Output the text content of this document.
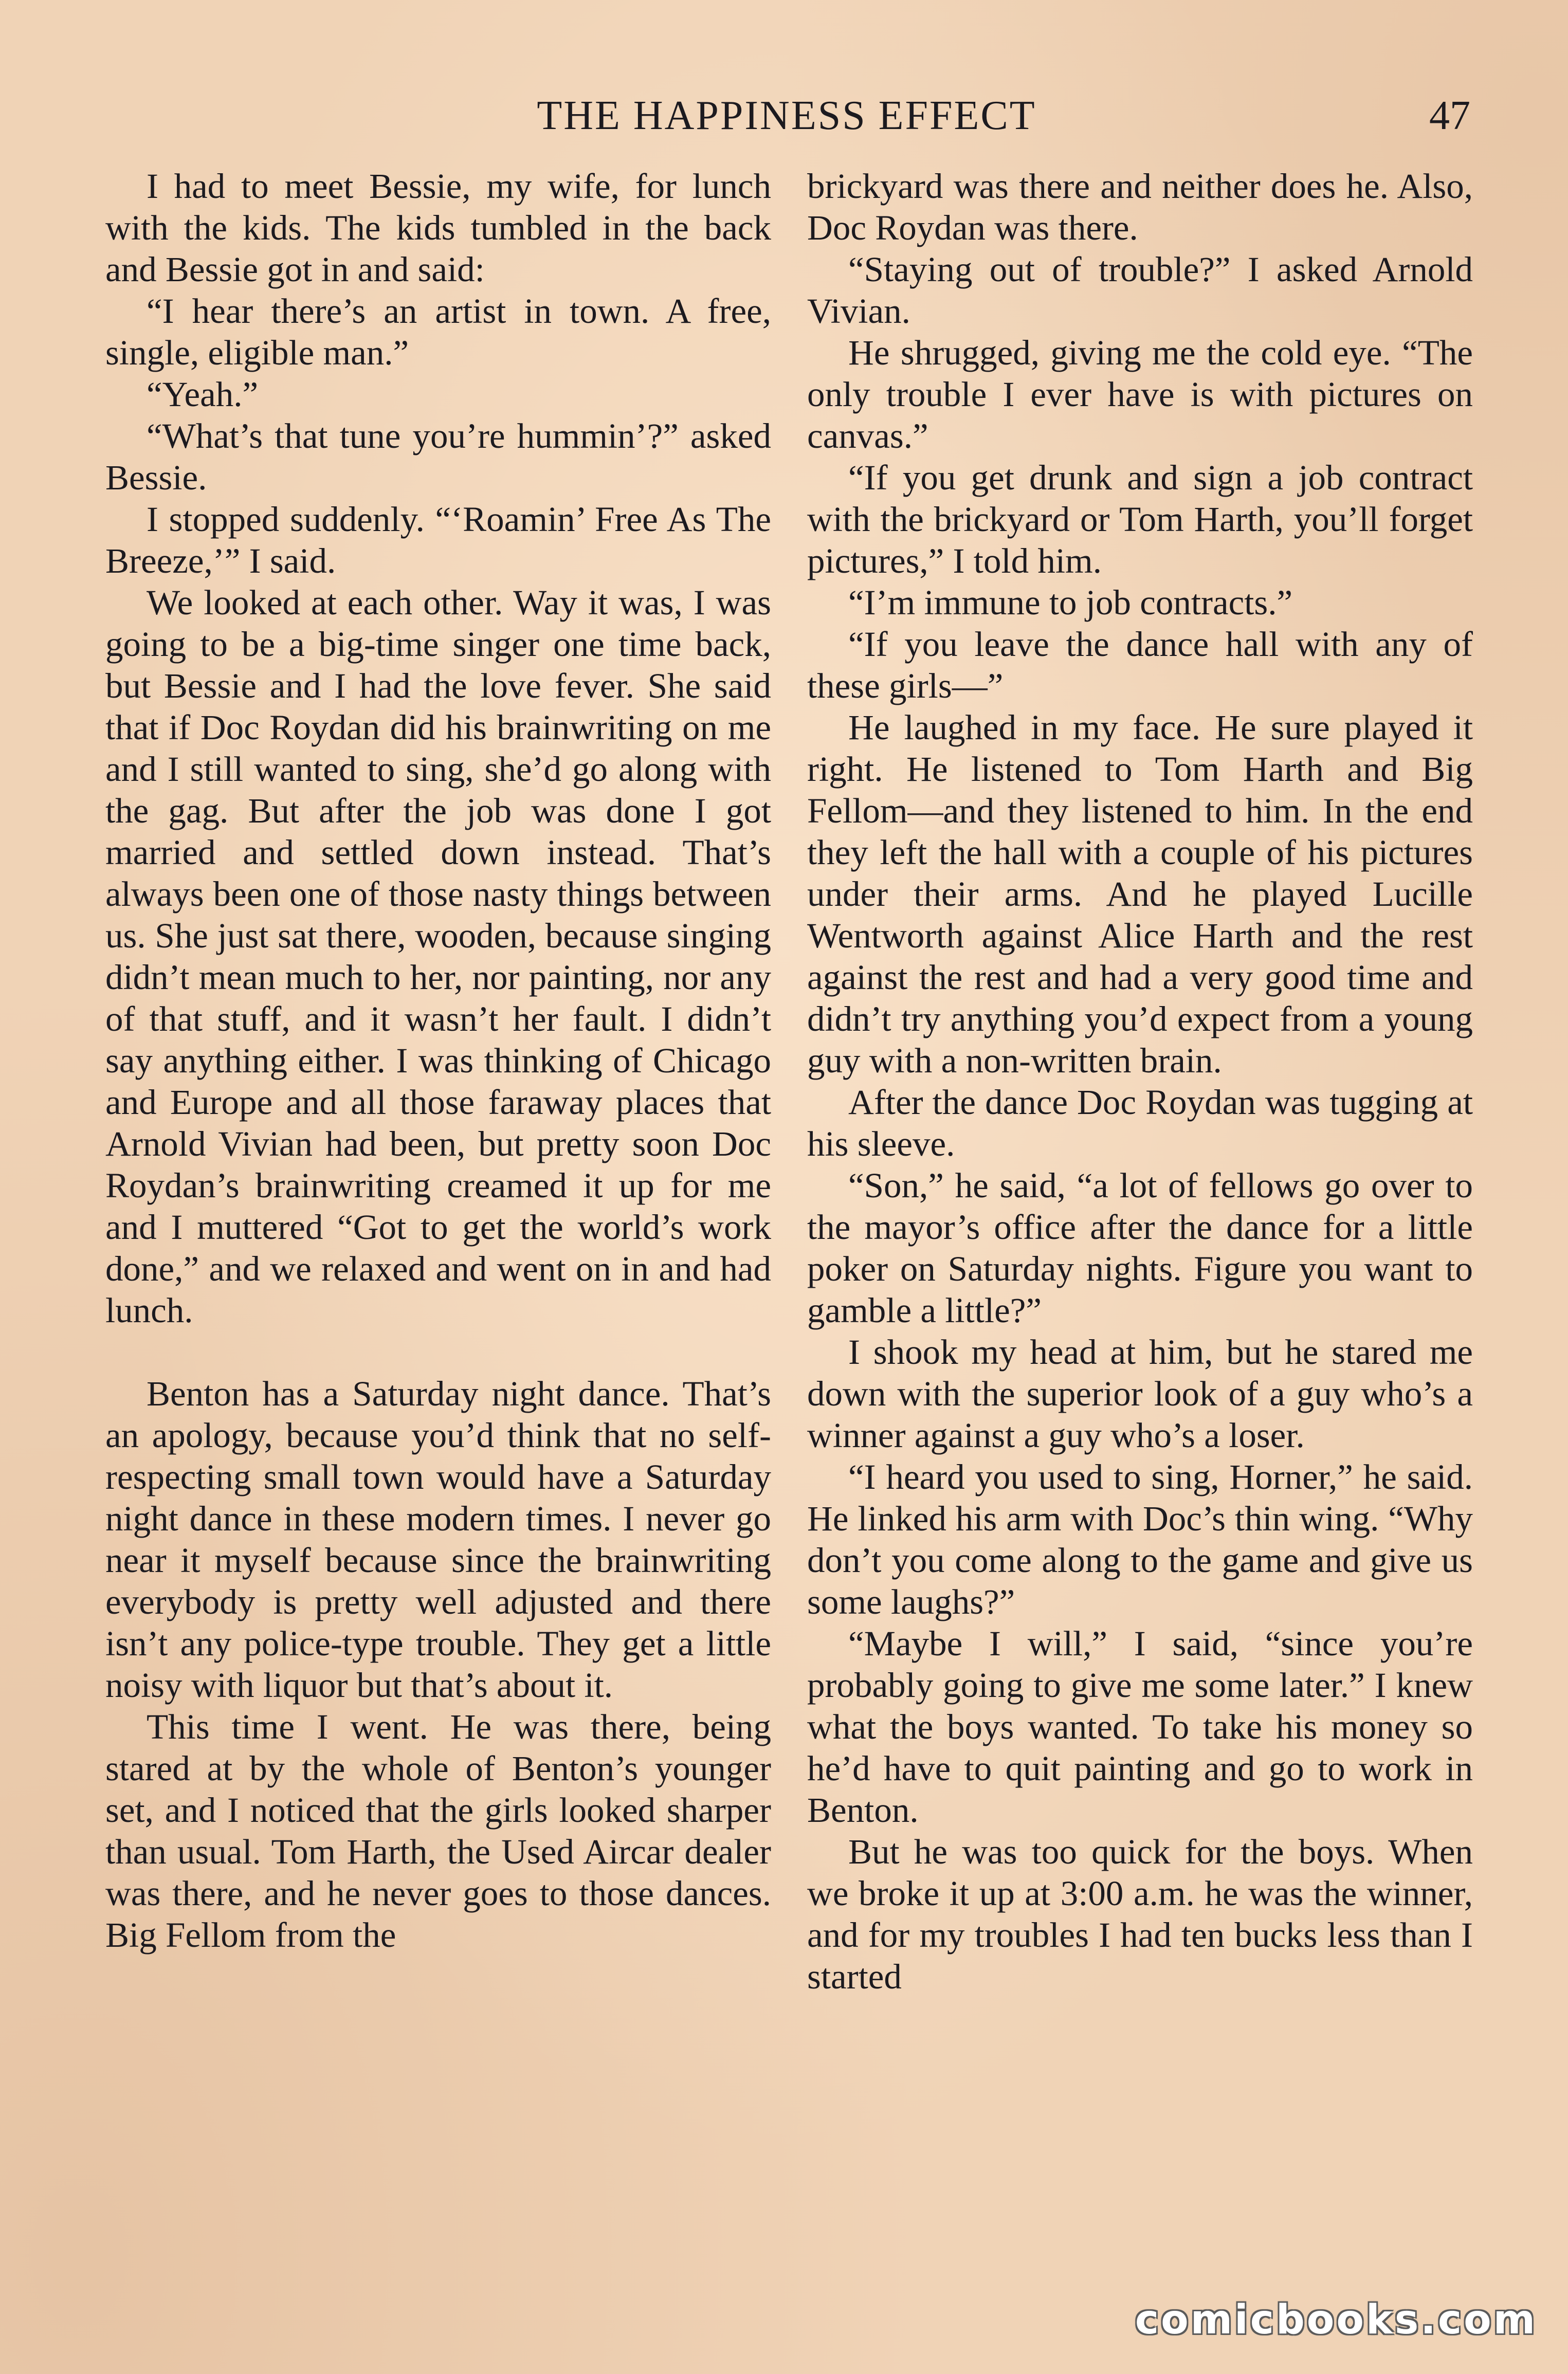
THE HAPPINESS EFFECT	47

I had to meet Bessie, my wife, for lunch with the kids. The kids tumbled in the back and Bessie got in and said:

“I hear there’s an artist in town. A free, single, eligible man.”

“Yeah.”

“What’s that tune you’re hummin’?” asked Bessie.

I stopped suddenly. “‘Roamin’ Free As The Breeze,’” I said.

We looked at each other. Way it was, I was going to be a big-time singer one time back, but Bessie and I had the love fever. She said that if Doc Roydan did his brainwriting on me and I still wanted to sing, she’d go along with the gag. But after the job was done I got married and settled down instead. That’s always been one of those nasty things between us. She just sat there, wooden, because singing didn’t mean much to her, nor painting, nor any of that stuff, and it wasn’t her fault. I didn’t say anything either. I was thinking of Chicago and Europe and all those faraway places that Arnold Vivian had been, but pretty soon Doc Roydan’s brainwriting creamed it up for me and I muttered “Got to get the world’s work done,” and we relaxed and went on in and had lunch.

Benton has a Saturday night dance. That’s an apology, because you’d think that no self-respecting small town would have a Saturday night dance in these modern times. I never go near it myself because since the brainwriting everybody is pretty well adjusted and there isn’t any police-type trouble. They get a little noisy with liquor but that’s about it.

This time I went. He was there, being stared at by the whole of Benton’s younger set, and I noticed that the girls looked sharper than usual. Tom Harth, the Used Aircar dealer was there, and he never goes to those dances. Big Fellom from the

brickyard was there and neither does he. Also, Doc Roydan was there.

“Staying out of trouble?” I asked Arnold Vivian.

He shrugged, giving me the cold eye. “The only trouble I ever have is with pictures on canvas.”

“If you get drunk and sign a job contract with the brickyard or Tom Harth, you’ll forget pictures,” I told him.

“I’m immune to job contracts.”

“If you leave the dance hall with any of these girls—”

He laughed in my face. He sure played it right. He listened to Tom Harth and Big Fellom—and they listened to him. In the end they left the hall with a couple of his pictures under their arms. And he played Lucille Wentworth against Alice Harth and the rest against the rest and had a very good time and didn’t try anything you’d expect from a young guy with a non-written brain.

After the dance Doc Roydan was tugging at his sleeve.

“Son,” he said, “a lot of fellows go over to the mayor’s office after the dance for a little poker on Saturday nights. Figure you want to gamble a little?”

I shook my head at him, but he stared me down with the superior look of a guy who’s a winner against a guy who’s a loser.

“I heard you used to sing, Horner,” he said. He linked his arm with Doc’s thin wing. “Why don’t you come along to the game and give us some laughs?”

“Maybe I will,” I said, “since you’re probably going to give me some later.” I knew what the boys wanted. To take his money so he’d have to quit painting and go to work in Benton.

But he was too quick for the boys. When we broke it up at 3:00 a.m. he was the winner, and for my troubles I had ten bucks less than I started

comicbooks.com
